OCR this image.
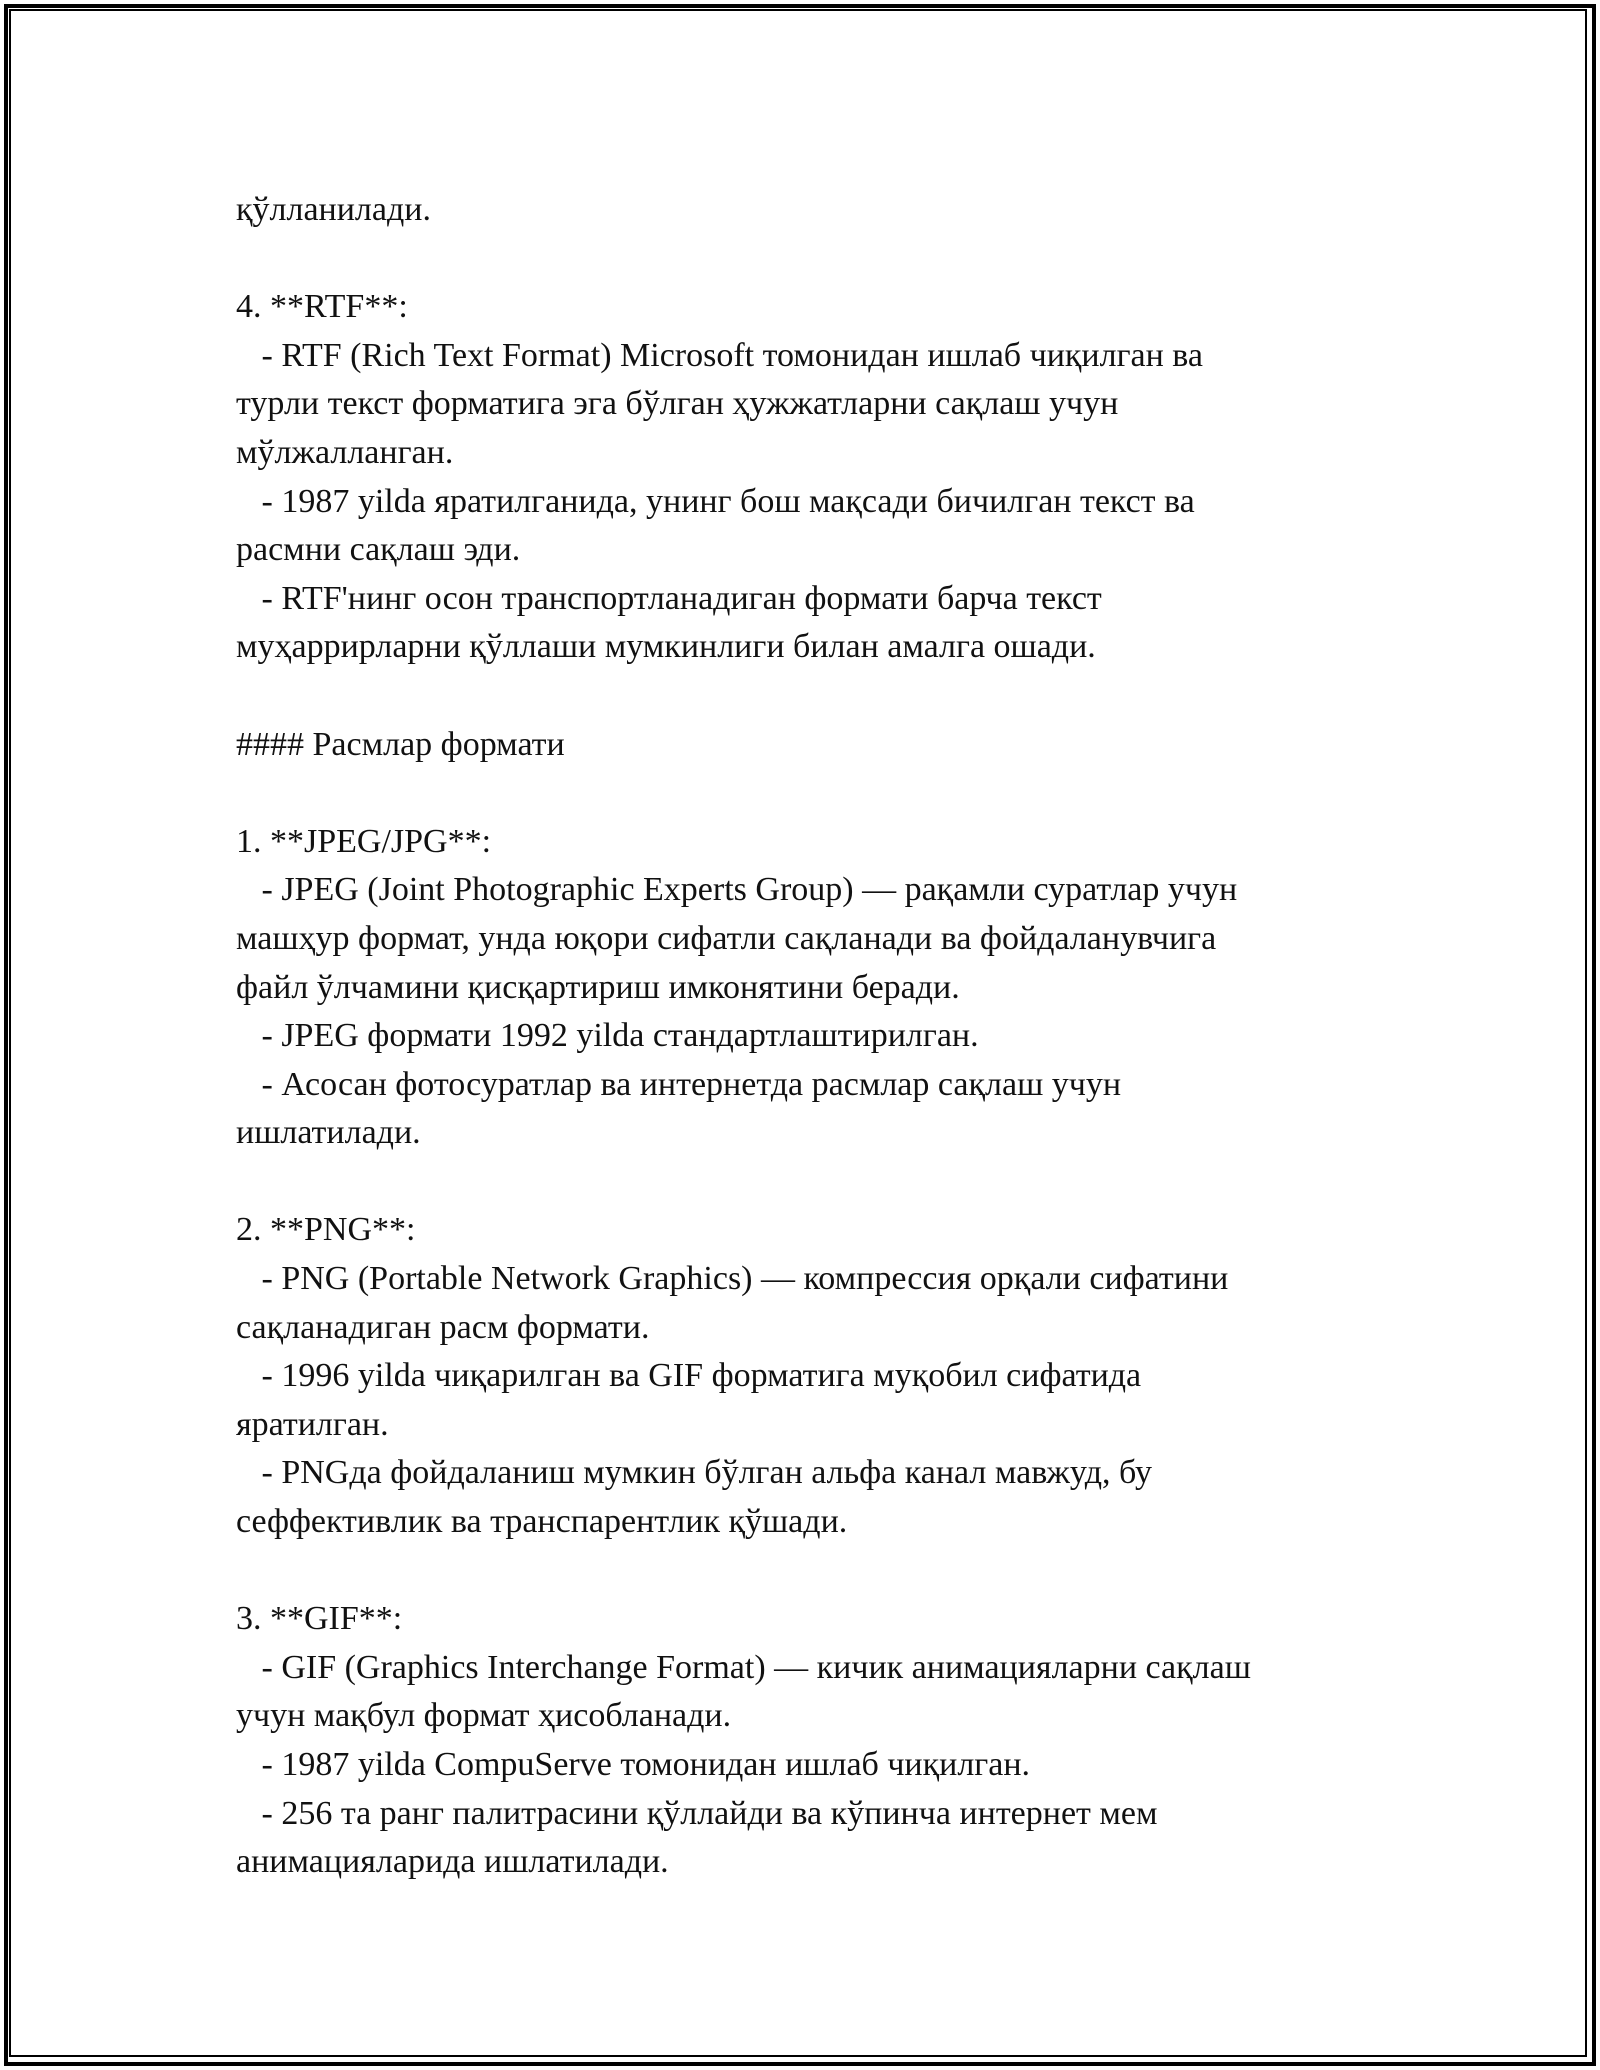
қўлланилади.
4. **RTF**:
- RTF (Rich Text Format) Microsoft томонидан ишлаб чиқилган ва
турли текст форматига эга бўлган ҳужжатларни сақлаш учун
мўлжалланган.
- 1987 yilda яратилганида, унинг бош мақсади бичилган текст ва
расмни сақлаш эди.
- RTF'нинг осон транспортланадиган формати барча текст
муҳаррирларни қўллаши мумкинлиги билан амалга ошади.
#### Расмлар формати
1. **JPEG/JPG**:
- JPEG (Joint Photographic Experts Group) — рақамли суратлар учун
машҳур формат, унда юқори сифатли сақланади ва фойдаланувчига
файл ўлчамини қисқартириш имконятини беради.
- JPEG формати 1992 yilda стандартлаштирилган.
- Асосан фотосуратлар ва интернетда расмлар сақлаш учун
ишлатилади.
2. **PNG**:
- PNG (Portable Network Graphics) — компрессия орқали сифатини
сақланадиган расм формати.
- 1996 yilda чиқарилган ва GIF форматига муқобил сифатида
яратилган.
- PNGда фойдаланиш мумкин бўлган альфа канал мавжуд, бу
сеффективлик ва транспарентлик қўшади.
3. **GIF**:
- GIF (Graphics Interchange Format) — кичик анимацияларни сақлаш
учун мақбул формат ҳисобланади.
- 1987 yilda CompuServe томонидан ишлаб чиқилган.
- 256 та ранг палитрасини қўллайди ва кўпинча интернет мем
анимацияларида ишлатилади.
